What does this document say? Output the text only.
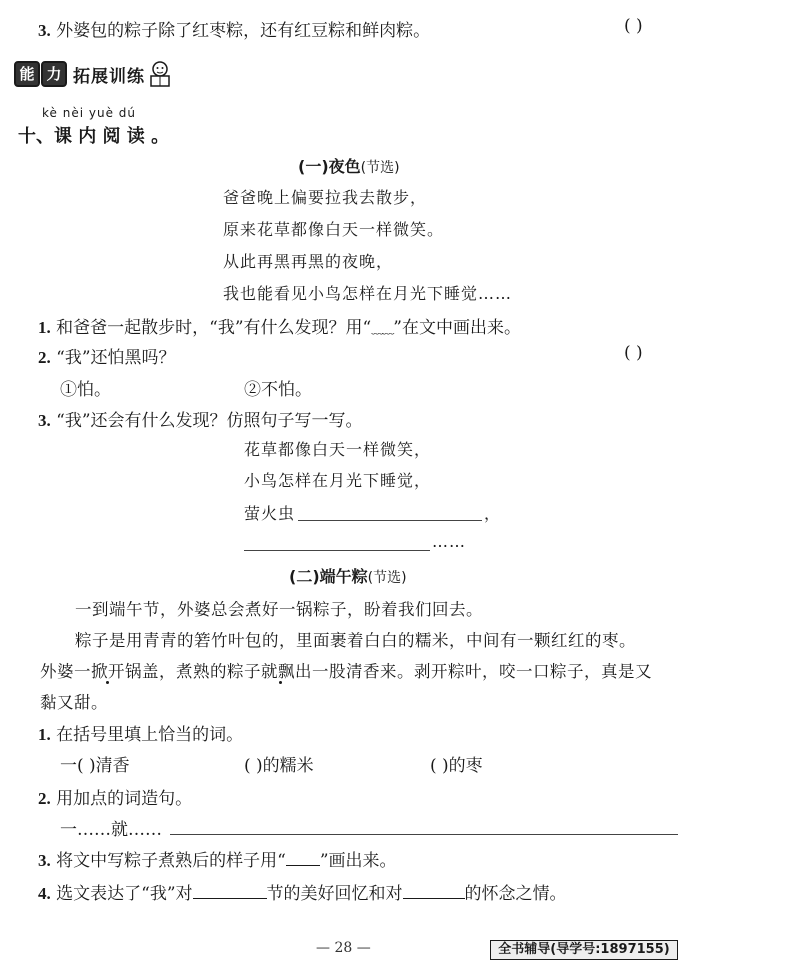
3. 外婆包的粽子除了红枣粽，还有红豆粽和鲜肉粽。	( )
能 力 拓展训练
kè nèi yuè dú
十、课 内 阅 读 。
(一)夜色(节选)
爸爸晚上偏要拉我去散步，
原来花草都像白天一样微笑。
从此再黑再黑的夜晚，
我也能看见小鸟怎样在月光下睡觉……
1. 和爸爸一起散步时，“我”有什么发现？用“﹏﹏”在文中画出来。
2. “我”还怕黑吗？	( )
①怕。	②不怕。
3. “我”还会有什么发现？仿照句子写一写。
花草都像白天一样微笑，
小鸟怎样在月光下睡觉，
萤火虫	，
……
(二)端午粽(节选)
一到端午节，外婆总会煮好一锅粽子，盼着我们回去。
粽子是用青青的箬竹叶包的，里面裹着白白的糯米，中间有一颗红红的枣。
外婆一掀开锅盖，煮熟的粽子就飘出一股清香来。剥开粽叶，咬一口粽子，真是又
黏又甜。
1. 在括号里填上恰当的词。
一( )清香	( )的糯米	( )的枣
2. 用加点的词造句。
一……就……
3. 将文中写粽子煮熟后的样子用“ ”画出来。
4. 选文表达了“我”对	节的美好回忆和对	的怀念之情。
— 28 —	全书辅导(导学号:1897155)
